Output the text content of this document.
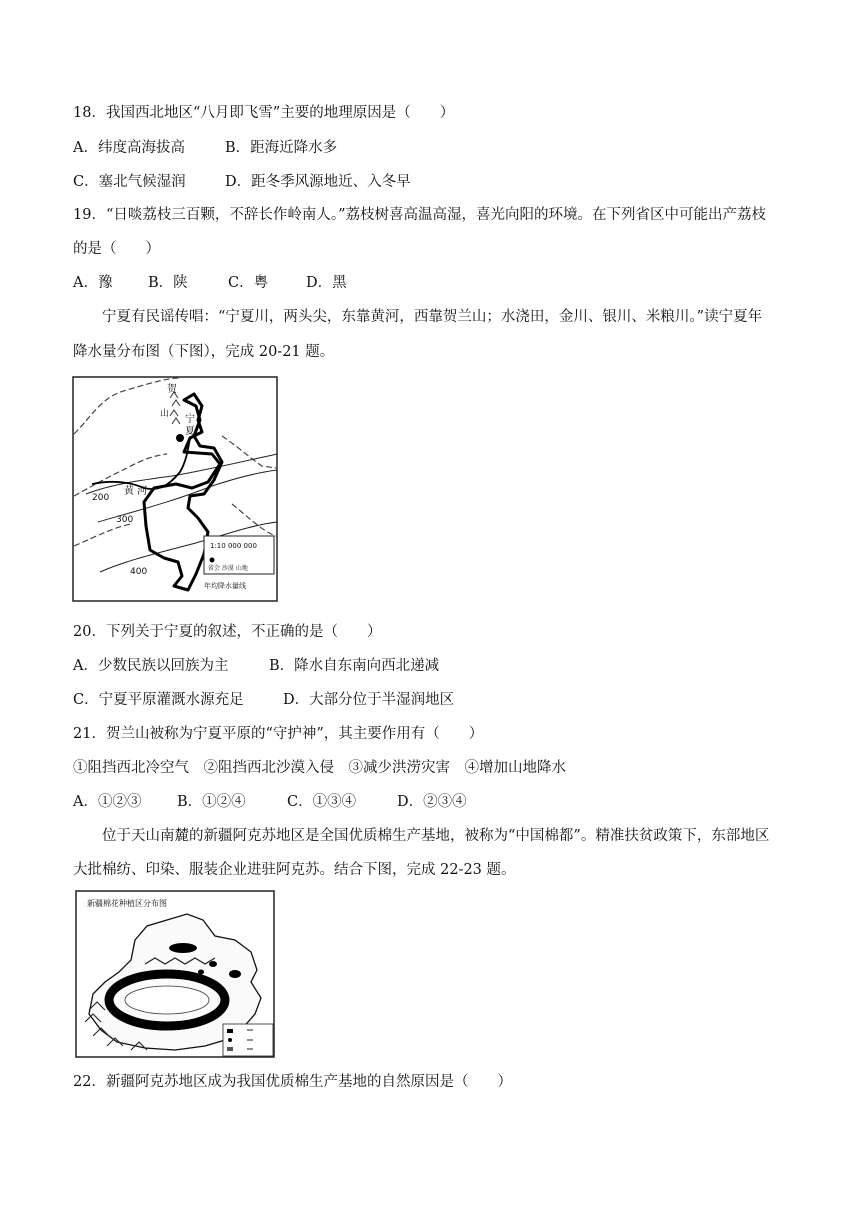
18．我国西北地区“八月即飞雪”主要的地理原因是（　　）
A．纬度高海拔高	B．距海近降水多
C．塞北气候湿润	D．距冬季风源地近、入冬早
19．“日啖荔枝三百颗，不辞长作岭南人。”荔枝树喜高温高湿，喜光向阳的环境。在下列省区中可能出产荔枝
的是（　　）
A．豫 B．陕	C．粤	D．黑
宁夏有民谣传唱：“宁夏川，两头尖，东靠黄河，西靠贺兰山；水浇田，金川、银川、米粮川。”读宁夏年
降水量分布图（下图），完成 20-21 题。
贺
山 宁
夏
黄 河
200
300
400
1:10 000 000
省会 沙漠 山地
年均降水量线
20．下列关于宁夏的叙述，不正确的是（　　）
A．少数民族以回族为主	B．降水自东南向西北递减
C．宁夏平原灌溉水源充足	D．大部分位于半湿润地区
21．贺兰山被称为宁夏平原的“守护神”，其主要作用有（　　）
①阻挡西北冷空气　②阻挡西北沙漠入侵　③减少洪涝灾害　④增加山地降水
A．①②③ B．①②④	C．①③④	D．②③④
位于天山南麓的新疆阿克苏地区是全国优质棉生产基地，被称为“中国棉都”。精准扶贫政策下，东部地区
大批棉纺、印染、服装企业进驻阿克苏。结合下图，完成 22-23 题。
新疆棉花种植区分布图
22．新疆阿克苏地区成为我国优质棉生产基地的自然原因是（　　）
